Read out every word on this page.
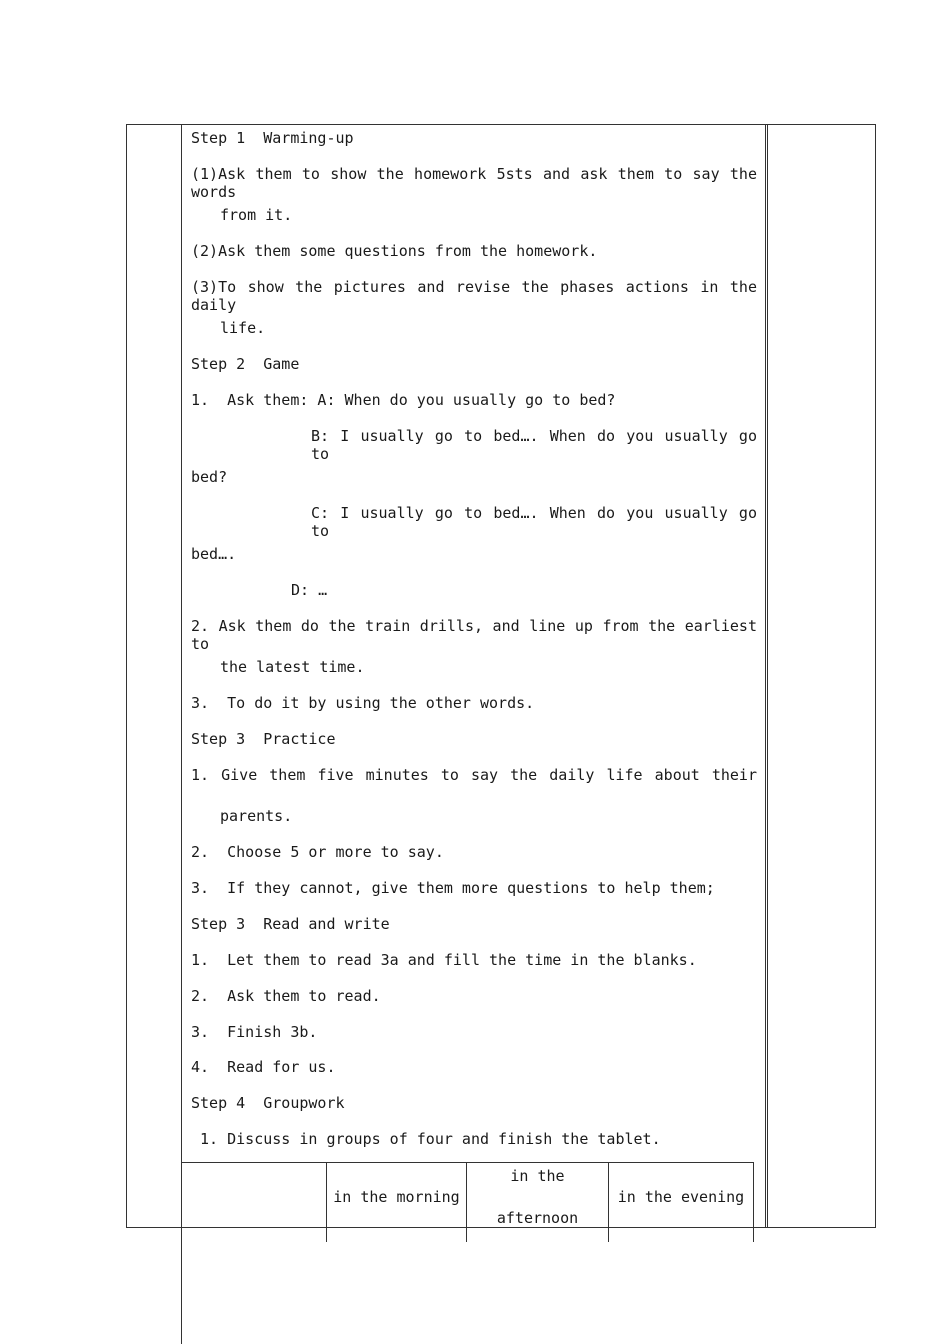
Step 1  Warming-up
(1)Ask them to show the homework 5sts and ask them to say the words
from it.
(2)Ask them some questions from the homework.
(3)To show the pictures and revise the phases actions in the daily
life.
Step 2  Game
1.  Ask them: A: When do you usually go to bed?
B: I usually go to bed…. When do you usually go to
bed?
C: I usually go to bed…. When do you usually go to
bed….
D: …
2. Ask them do the train drills, and line up from the earliest to
the latest time.
3.  To do it by using the other words.
Step 3  Practice
1. Give them five minutes to say the daily life about their
parents.
2.  Choose 5 or more to say.
3.  If they cannot, give them more questions to help them;
Step 3  Read and write
1.  Let them to read 3a and fill the time in the blanks.
2.  Ask them to read.
3.  Finish 3b.
4.  Read for us.
Step 4  Groupwork
1. Discuss in groups of four and finish the tablet.
in the morning
in the
afternoon
in the evening
